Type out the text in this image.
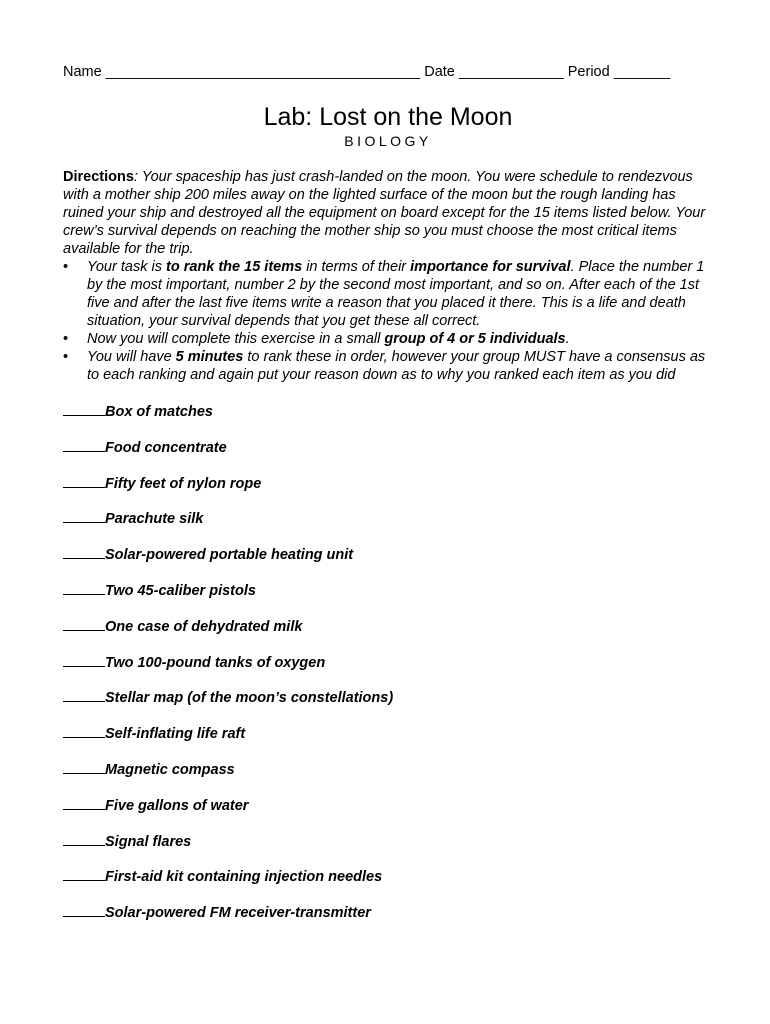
Name _______________________________________ Date _____________ Period _______
Lab: Lost on the Moon
BIOLOGY
Directions: Your spaceship has just crash-landed on the moon. You were schedule to rendezvous with a mother ship 200 miles away on the lighted surface of the moon but the rough landing has ruined your ship and destroyed all the equipment on board except for the 15 items listed below. Your crew’s survival depends on reaching the mother ship so you must choose the most critical items available for the trip.
• Your task is to rank the 15 items in terms of their importance for survival. Place the number 1 by the most important, number 2 by the second most important, and so on. After each of the 1st five and after the last five items write a reason that you placed it there. This is a life and death situation, your survival depends that you get these all correct.
• Now you will complete this exercise in a small group of 4 or 5 individuals.
• You will have 5 minutes to rank these in order, however your group MUST have a consensus as to each ranking and again put your reason down as to why you ranked each item as you did
Box of matches
Food concentrate
Fifty feet of nylon rope
Parachute silk
Solar-powered portable heating unit
Two 45-caliber pistols
One case of dehydrated milk
Two 100-pound tanks of oxygen
Stellar map (of the moon’s constellations)
Self-inflating life raft
Magnetic compass
Five gallons of water
Signal flares
First-aid kit containing injection needles
Solar-powered FM receiver-transmitter
